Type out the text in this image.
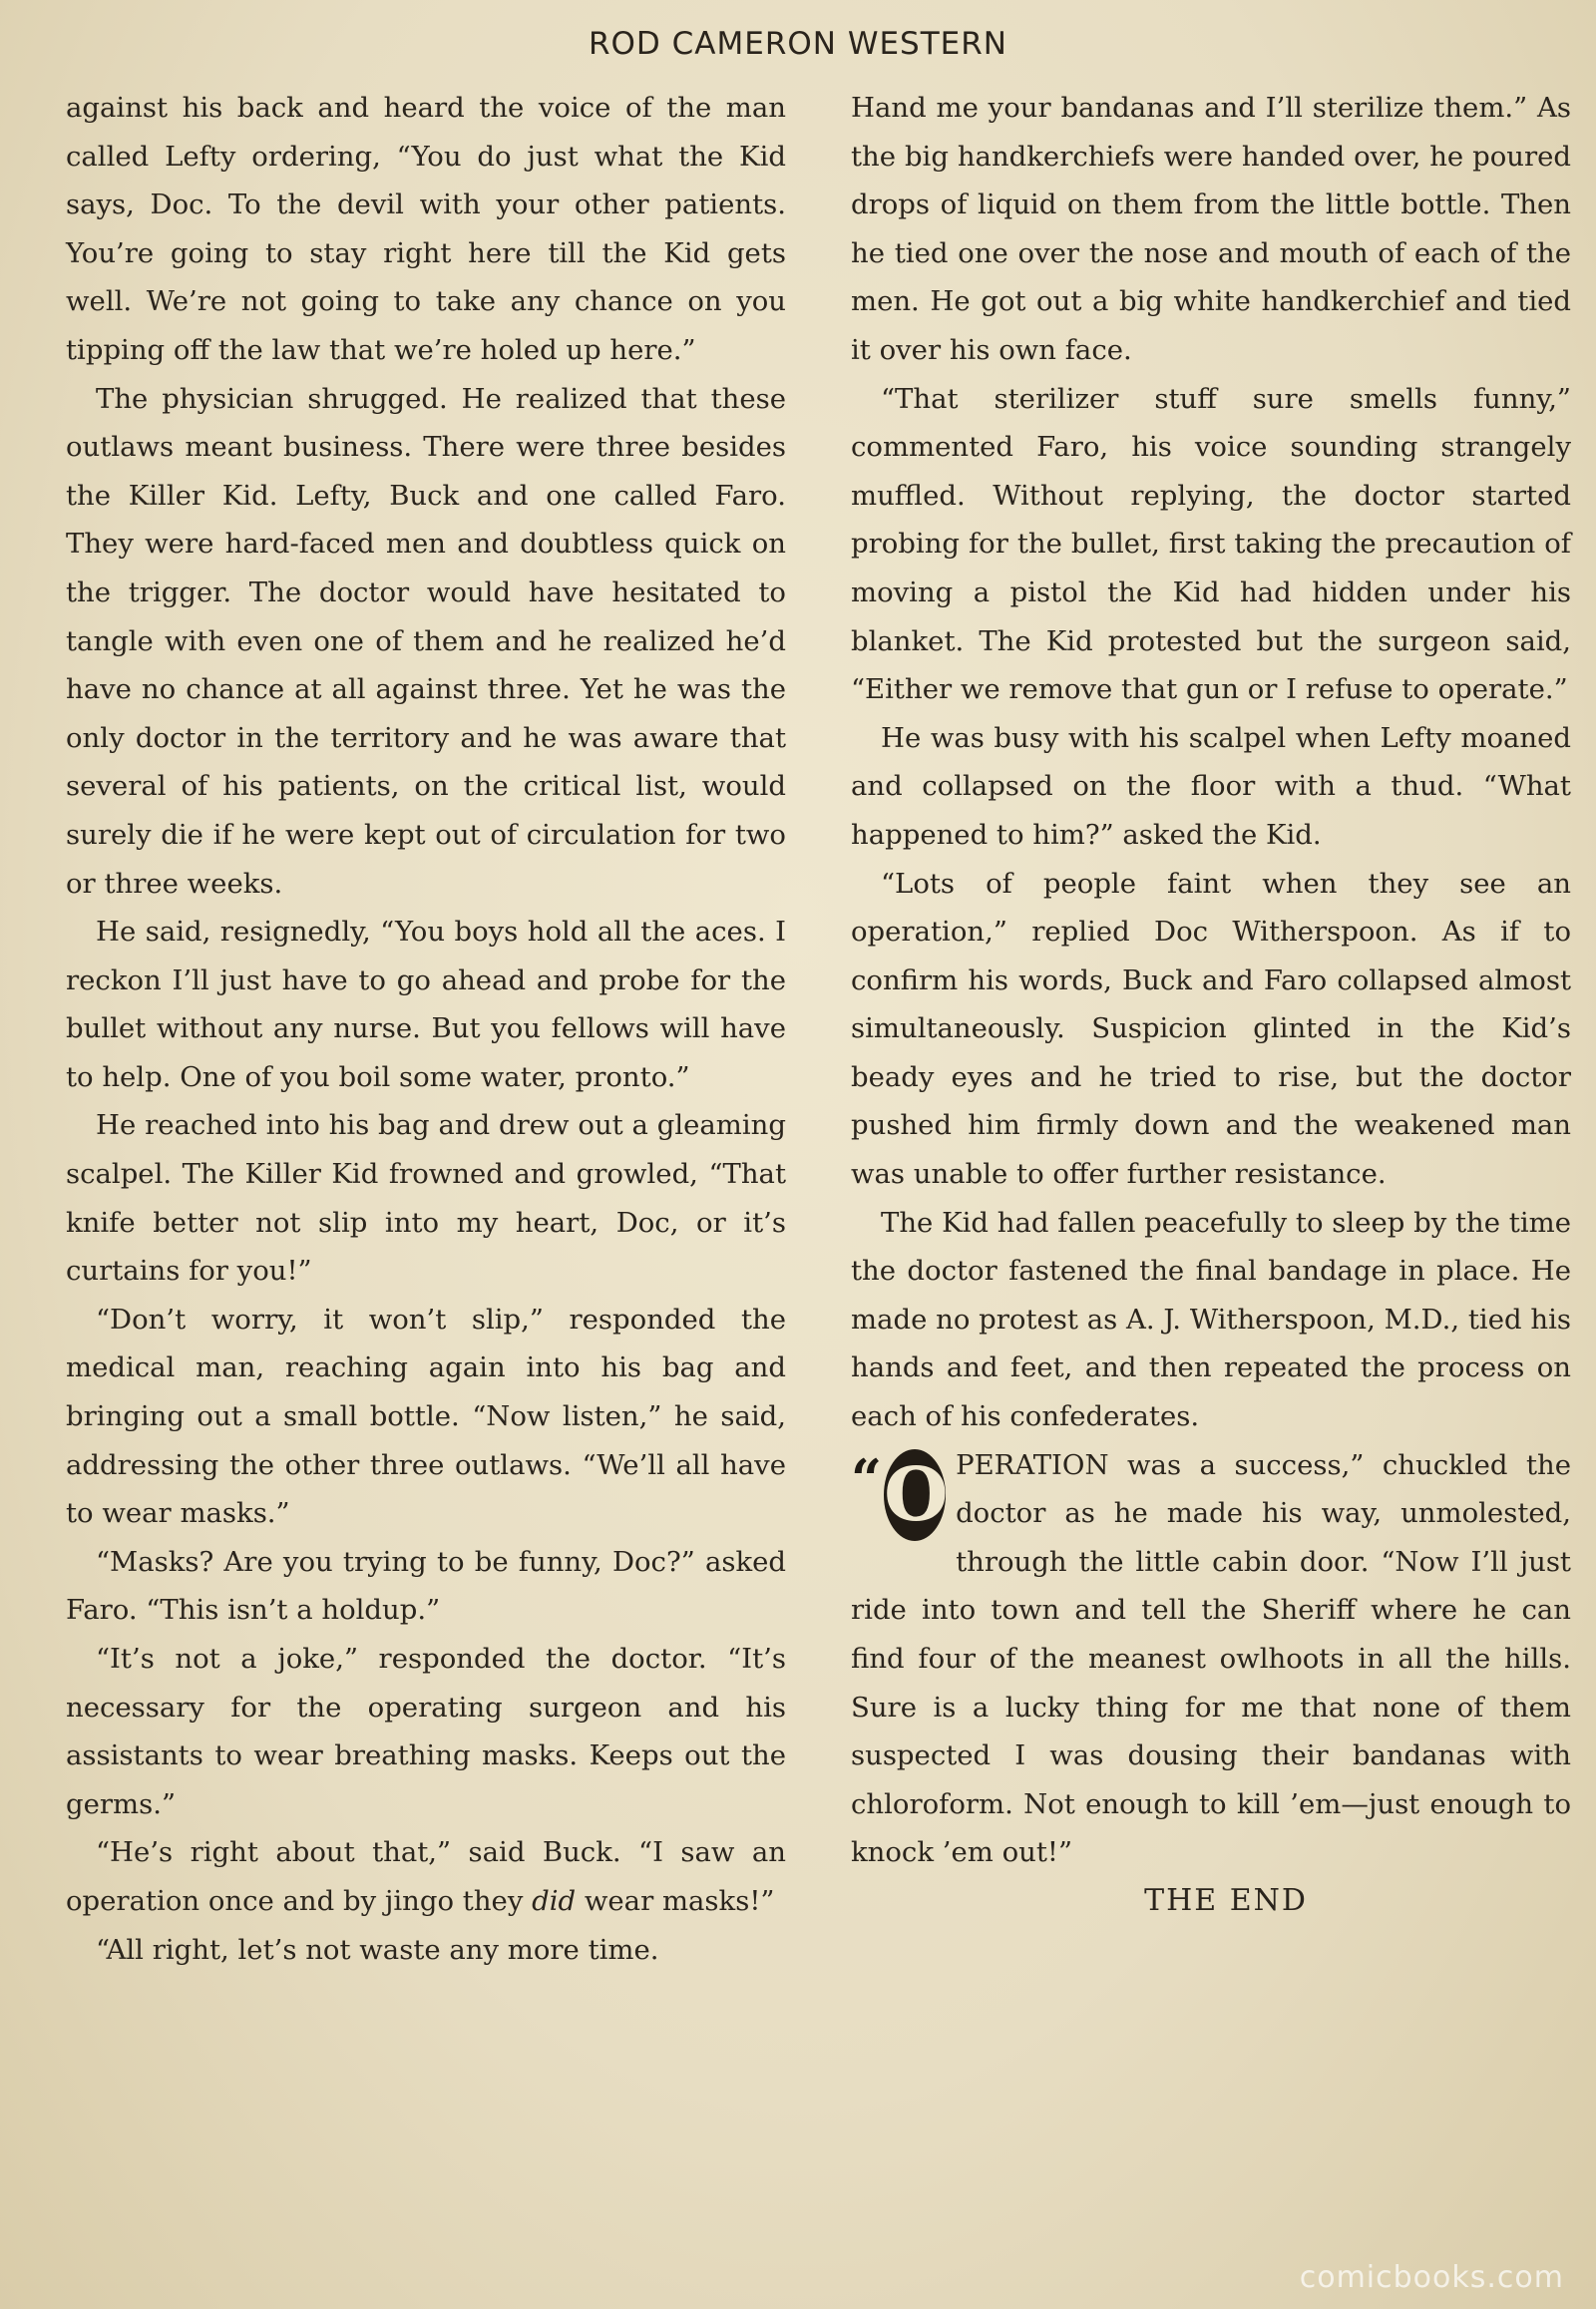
ROD CAMERON WESTERN

against his back and heard the voice of the man called Lefty ordering, “You do just what the Kid says, Doc. To the devil with your other patients. You’re going to stay right here till the Kid gets well. We’re not going to take any chance on you tipping off the law that we’re holed up here.”

The physician shrugged. He realized that these outlaws meant business. There were three besides the Killer Kid. Lefty, Buck and one called Faro. They were hard-faced men and doubtless quick on the trigger. The doctor would have hesitated to tangle with even one of them and he realized he’d have no chance at all against three. Yet he was the only doctor in the territory and he was aware that several of his patients, on the critical list, would surely die if he were kept out of circulation for two or three weeks.

He said, resignedly, “You boys hold all the aces. I reckon I’ll just have to go ahead and probe for the bullet without any nurse. But you fellows will have to help. One of you boil some water, pronto.”

He reached into his bag and drew out a gleaming scalpel. The Killer Kid frowned and growled, “That knife better not slip into my heart, Doc, or it’s curtains for you!”

“Don’t worry, it won’t slip,” responded the medical man, reaching again into his bag and bringing out a small bottle. “Now listen,” he said, addressing the other three outlaws. “We’ll all have to wear masks.”

“Masks? Are you trying to be funny, Doc?” asked Faro. “This isn’t a holdup.”

“It’s not a joke,” responded the doctor. “It’s necessary for the operating surgeon and his assistants to wear breathing masks. Keeps out the germs.”

“He’s right about that,” said Buck. “I saw an operation once and by jingo they did wear masks!”

“All right, let’s not waste any more time.

Hand me your bandanas and I’ll sterilize them.” As the big handkerchiefs were handed over, he poured drops of liquid on them from the little bottle. Then he tied one over the nose and mouth of each of the men. He got out a big white handkerchief and tied it over his own face.

“That sterilizer stuff sure smells funny,” commented Faro, his voice sounding strangely muffled. Without replying, the doctor started probing for the bullet, first taking the precaution of moving a pistol the Kid had hidden under his blanket. The Kid protested but the surgeon said, “Either we remove that gun or I refuse to operate.”

He was busy with his scalpel when Lefty moaned and collapsed on the floor with a thud. “What happened to him?” asked the Kid.

“Lots of people faint when they see an operation,” replied Doc Witherspoon. As if to confirm his words, Buck and Faro collapsed almost simultaneously. Suspicion glinted in the Kid’s beady eyes and he tried to rise, but the doctor pushed him firmly down and the weakened man was unable to offer further resistance.

The Kid had fallen peacefully to sleep by the time the doctor fastened the final bandage in place. He made no protest as A. J. Witherspoon, M.D., tied his hands and feet, and then repeated the process on each of his confederates.

“ O PERATION was a success,” chuckled the doctor as he made his way, unmolested, through the little cabin door. “Now I’ll just ride into town and tell the Sheriff where he can find four of the meanest owlhoots in all the hills. Sure is a lucky thing for me that none of them suspected I was dousing their bandanas with chloroform. Not enough to kill ’em—just enough to knock ’em out!”

THE END

comicbooks.com
